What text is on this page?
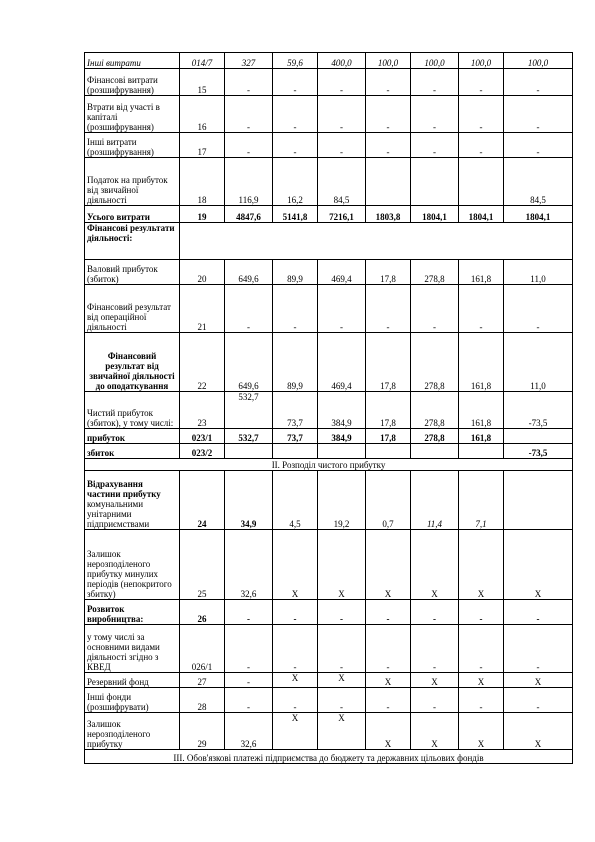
Інші витрати	014/7	327	59,6	400,0	100,0	100,0	100,0	100,0
Фінансові витрати (розшифрування)	15	-	-	-	-	-	-	-
Втрати від участі в капіталі (розшифрування)	16	-	-	-	-	-	-	-
Інші витрати (розшифрування)	17	-	-	-	-	-	-	-
Податок на прибуток від звичайної діяльності	18	116,9	16,2	84,5				84,5
Усього витрати	19	4847,6	5141,8	7216,1	1803,8	1804,1	1804,1	1804,1
Фінансові результати діяльності:								
Валовий прибуток (збиток)	20	649,6	89,9	469,4	17,8	278,8	161,8	11,0
Фінансовий результат від операційної діяльності	21	-	-	-	-	-	-	-
Фінансовий результат від звичайної діяльності до оподаткування	22	649,6	89,9	469,4	17,8	278,8	161,8	11,0
Чистий прибуток (збиток), у тому числі:	23	532,7	73,7	384,9	17,8	278,8	161,8	-73,5
прибуток	023/1	532,7	73,7	384,9	17,8	278,8	161,8	
збиток	023/2							-73,5
ІІ. Розподіл чистого прибутку								
Відрахування частини прибутку комунальними унітарними підприємствами	24	34,9	4,5	19,2	0,7	11,4	7,1	
Залишок нерозподіленого прибутку минулих періодів (непокритого збитку)	25	32,6	X	X	X	X	X	X
Розвиток виробництва:	26	-	-	-	-	-	-	-
у тому числі за основними видами діяльності згідно з КВЕД	026/1	-	-	-	-	-	-	-
Резервний фонд	27	-	X	X	X	X	X	X
Інші фонди (розшифрувати)	28	-	-	-	-	-	-	-
Залишок нерозподіленого прибутку	29	32,6	X	X	X	X	X	X
ІІІ. Обов'язкові платежі підприємства до бюджету та державних цільових фондів								
